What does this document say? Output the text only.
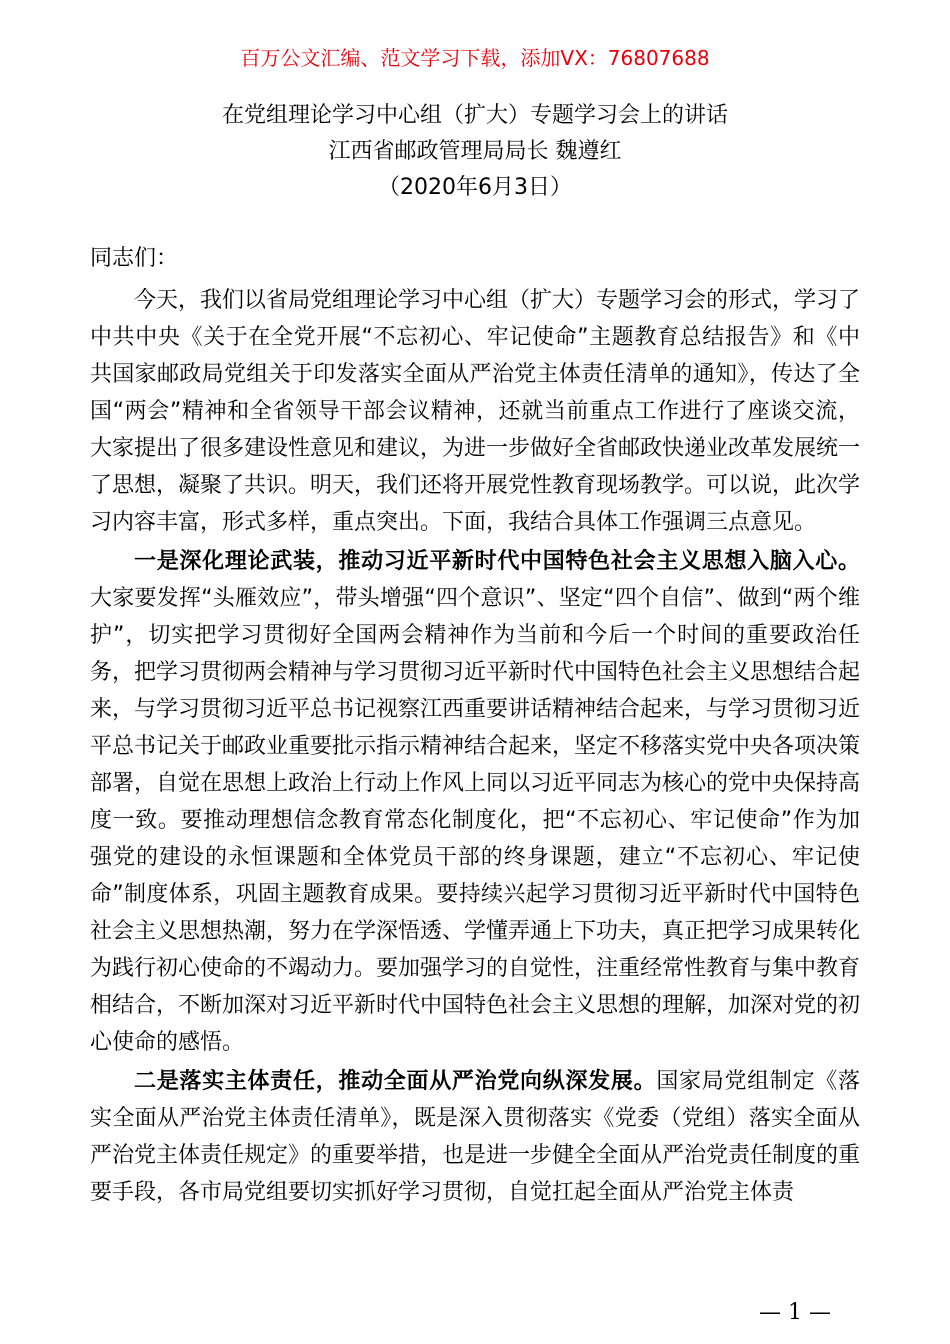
百万公文汇编、范文学习下载，添加VX：76807688
在党组理论学习中心组（扩大）专题学习会上的讲话
江西省邮政管理局局长 魏遵红
（2020年6月3日）

同志们：

今天，我们以省局党组理论学习中心组（扩大）专题学习会的形式，学习了中共中央《关于在全党开展“不忘初心、牢记使命”主题教育总结报告》和《中共国家邮政局党组关于印发落实全面从严治党主体责任清单的通知》，传达了全国“两会”精神和全省领导干部会议精神，还就当前重点工作进行了座谈交流，大家提出了很多建设性意见和建议，为进一步做好全省邮政快递业改革发展统一了思想，凝聚了共识。明天，我们还将开展党性教育现场教学。可以说，此次学习内容丰富，形式多样，重点突出。下面，我结合具体工作强调三点意见。

一是深化理论武装，推动习近平新时代中国特色社会主义思想入脑入心。大家要发挥“头雁效应”，带头增强“四个意识”、坚定“四个自信”、做到“两个维护”，切实把学习贯彻好全国两会精神作为当前和今后一个时间的重要政治任务，把学习贯彻两会精神与学习贯彻习近平新时代中国特色社会主义思想结合起来，与学习贯彻习近平总书记视察江西重要讲话精神结合起来，与学习贯彻习近平总书记关于邮政业重要批示指示精神结合起来，坚定不移落实党中央各项决策部署，自觉在思想上政治上行动上作风上同以习近平同志为核心的党中央保持高度一致。要推动理想信念教育常态化制度化，把“不忘初心、牢记使命”作为加强党的建设的永恒课题和全体党员干部的终身课题，建立“不忘初心、牢记使命”制度体系，巩固主题教育成果。要持续兴起学习贯彻习近平新时代中国特色社会主义思想热潮，努力在学深悟透、学懂弄通上下功夫，真正把学习成果转化为践行初心使命的不竭动力。要加强学习的自觉性，注重经常性教育与集中教育相结合，不断加深对习近平新时代中国特色社会主义思想的理解，加深对党的初心使命的感悟。

二是落实主体责任，推动全面从严治党向纵深发展。国家局党组制定《落实全面从严治党主体责任清单》，既是深入贯彻落实《党委（党组）落实全面从严治党主体责任规定》的重要举措，也是进一步健全全面从严治党责任制度的重要手段，各市局党组要切实抓好学习贯彻，自觉扛起全面从严治党主体责

— 1 —
